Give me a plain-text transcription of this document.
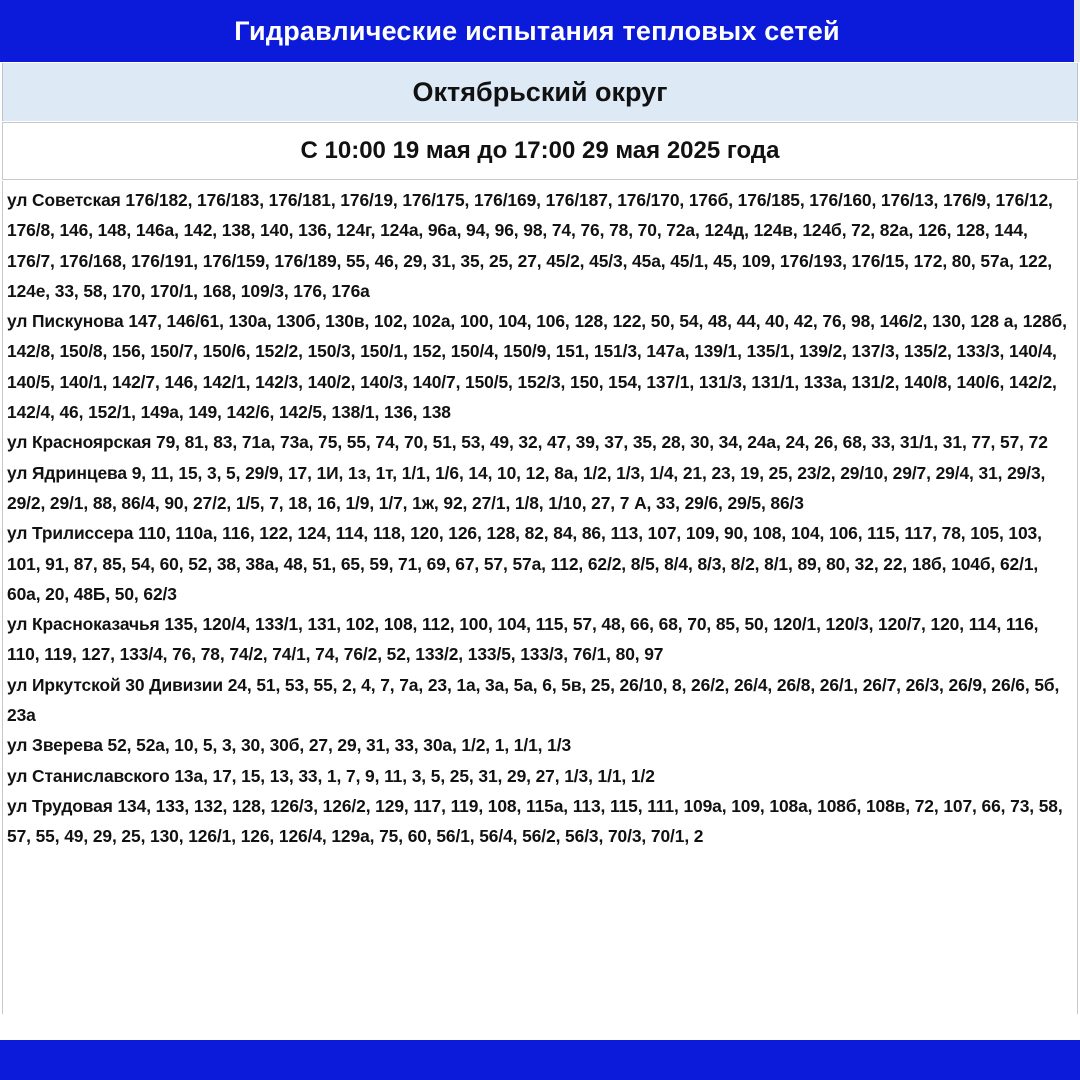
Гидравлические испытания тепловых сетей
Октябрьский округ
С 10:00 19 мая до 17:00 29 мая 2025 года

ул Советская 176/182, 176/183, 176/181, 176/19, 176/175, 176/169, 176/187, 176/170, 176б, 176/185, 176/160, 176/13, 176/9, 176/12, 176/8, 146, 148, 146а, 142, 138, 140, 136, 124г, 124а, 96а, 94, 96, 98, 74, 76, 78, 70, 72а, 124д, 124в, 124б, 72, 82а, 126, 128, 144, 176/7, 176/168, 176/191, 176/159, 176/189, 55, 46, 29, 31, 35, 25, 27, 45/2, 45/3, 45а, 45/1, 45, 109, 176/193, 176/15, 172, 80, 57а, 122, 124е, 33, 58, 170, 170/1, 168, 109/3, 176, 176а

ул Пискунова 147, 146/61, 130а, 130б, 130в, 102, 102а, 100, 104, 106, 128, 122, 50, 54, 48, 44, 40, 42, 76, 98, 146/2, 130, 128 а, 128б, 142/8, 150/8, 156, 150/7, 150/6, 152/2, 150/3, 150/1, 152, 150/4, 150/9, 151, 151/3, 147а, 139/1, 135/1, 139/2, 137/3, 135/2, 133/3, 140/4, 140/5, 140/1, 142/7, 146, 142/1, 142/3, 140/2, 140/3, 140/7, 150/5, 152/3, 150, 154, 137/1, 131/3, 131/1, 133а, 131/2, 140/8, 140/6, 142/2, 142/4, 46, 152/1, 149а, 149, 142/6, 142/5, 138/1, 136, 138

ул Красноярская 79, 81, 83, 71а, 73а, 75, 55, 74, 70, 51, 53, 49, 32, 47, 39, 37, 35, 28, 30, 34, 24а, 24, 26, 68, 33, 31/1, 31, 77, 57, 72

ул Ядринцева 9, 11, 15, 3, 5, 29/9, 17, 1И, 1з, 1т, 1/1, 1/6, 14, 10, 12, 8а, 1/2, 1/3, 1/4, 21, 23, 19, 25, 23/2, 29/10, 29/7, 29/4, 31, 29/3, 29/2, 29/1, 88, 86/4, 90, 27/2, 1/5, 7, 18, 16, 1/9, 1/7, 1ж, 92, 27/1, 1/8, 1/10, 27, 7 А, 33, 29/6, 29/5, 86/3

ул Трилиссера 110, 110а, 116, 122, 124, 114, 118, 120, 126, 128, 82, 84, 86, 113, 107, 109, 90, 108, 104, 106, 115, 117, 78, 105, 103, 101, 91, 87, 85, 54, 60, 52, 38, 38а, 48, 51, 65, 59, 71, 69, 67, 57, 57а, 112, 62/2, 8/5, 8/4, 8/3, 8/2, 8/1, 89, 80, 32, 22, 18б, 104б, 62/1, 60а, 20, 48Б, 50, 62/3

ул Красноказачья 135, 120/4, 133/1, 131, 102, 108, 112, 100, 104, 115, 57, 48, 66, 68, 70, 85, 50, 120/1, 120/3, 120/7, 120, 114, 116, 110, 119, 127, 133/4, 76, 78, 74/2, 74/1, 74, 76/2, 52, 133/2, 133/5, 133/3, 76/1, 80, 97

ул Иркутской 30 Дивизии 24, 51, 53, 55, 2, 4, 7, 7а, 23, 1а, 3а, 5а, 6, 5в, 25, 26/10, 8, 26/2, 26/4, 26/8, 26/1, 26/7, 26/3, 26/9, 26/6, 5б, 23а

ул Зверева 52, 52а, 10, 5, 3, 30, 30б, 27, 29, 31, 33, 30а, 1/2, 1, 1/1, 1/3

ул Станиславского 13а, 17, 15, 13, 33, 1, 7, 9, 11, 3, 5, 25, 31, 29, 27, 1/3, 1/1, 1/2

ул Трудовая 134, 133, 132, 128, 126/3, 126/2, 129, 117, 119, 108, 115а, 113, 115, 111, 109а, 109, 108а, 108б, 108в, 72, 107, 66, 73, 58, 57, 55, 49, 29, 25, 130, 126/1, 126, 126/4, 129а, 75, 60, 56/1, 56/4, 56/2, 56/3, 70/3, 70/1, 2
